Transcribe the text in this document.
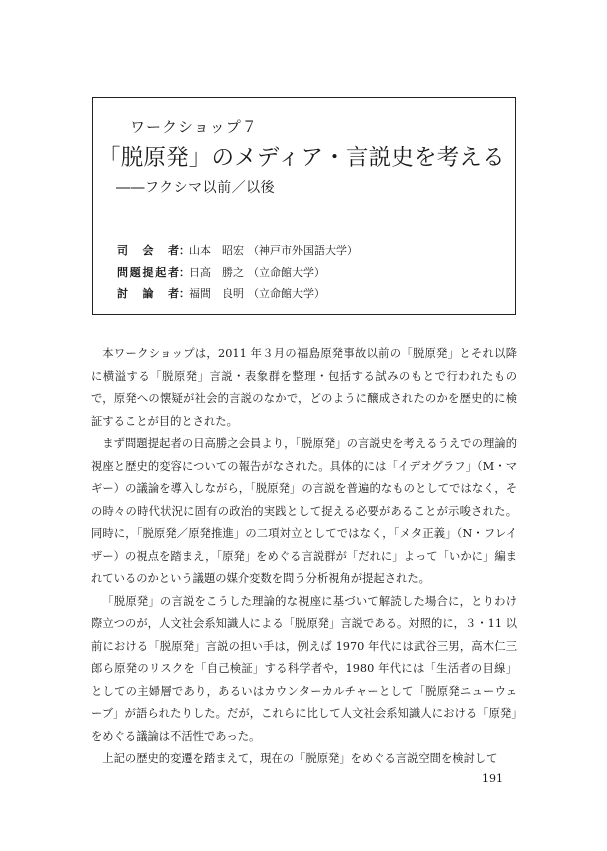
ワークショップ７
「脱原発」のメディア・言説史を考える
――フクシマ以前／以後
司　会　者 ： 山本　昭宏 （神戸市外国語大学）
問題提起者 ： 日高　勝之 （立命館大学）
討　論　者 ： 福間　良明 （立命館大学）

本ワークショップは，2011 年３月の福島原発事故以前の「脱原発」とそれ以降に横溢する「脱原発」言説・表象群を整理・包括する試みのもとで行われたもので，原発への懐疑が社会的言説のなかで，どのように醸成されたのかを歴史的に検証することが目的とされた。

まず問題提起者の日高勝之会員より，「脱原発」の言説史を考えるうえでの理論的視座と歴史的変容についての報告がなされた。具体的には「イデオグラフ」（M・マギー）の議論を導入しながら，「脱原発」の言説を普遍的なものとしてではなく，その時々の時代状況に固有の政治的実践として捉える必要があることが示唆された。同時に，「脱原発／原発推進」の二項対立としてではなく，「メタ正義」（N・フレイザー）の視点を踏まえ，「原発」をめぐる言説群が「だれに」よって「いかに」編まれているのかという議題の媒介変数を問う分析視角が提起された。

「脱原発」の言説をこうした理論的な視座に基づいて解読した場合に，とりわけ際立つのが，人文社会系知識人による「脱原発」言説である。対照的に，３・11 以前における「脱原発」言説の担い手は，例えば 1970 年代には武谷三男，高木仁三郎ら原発のリスクを「自己検証」する科学者や，1980 年代には「生活者の目線」としての主婦層であり，あるいはカウンターカルチャーとして「脱原発ニューウェーブ」が語られたりした。だが，これらに比して人文社会系知識人における「原発」をめぐる議論は不活性であった。

上記の歴史的変遷を踏まえて，現在の「脱原発」をめぐる言説空間を検討して

191
